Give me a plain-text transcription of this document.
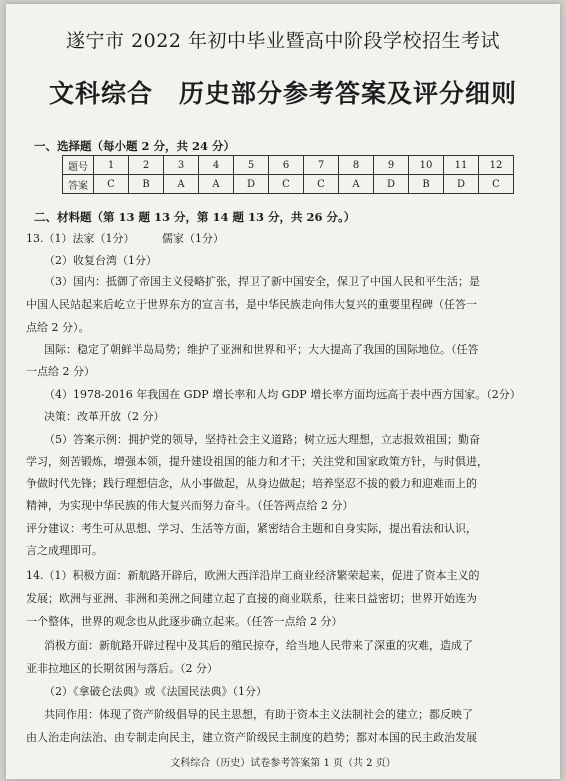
遂宁市 2022 年初中毕业暨高中阶段学校招生考试
文科综合　历史部分参考答案及评分细则
一、选择题（每小题 2 分，共 24 分）
题号	1	2	3	4	5	6	7	8	9	10	11	12
答案	C	B	A	A	D	C	C	A	D	B	D	C
二、材料题（第 13 题 13 分，第 14 题 13 分，共 26 分。）
13.（1）法家（1分）　　　儒家（1分）
（2）收复台湾（1分）
（3）国内：抵御了帝国主义侵略扩张，捍卫了新中国安全，保卫了中国人民和平生活；是
中国人民站起来后屹立于世界东方的宣言书，是中华民族走向伟大复兴的重要里程碑（任答一
点给 2 分）。
国际：稳定了朝鲜半岛局势；维护了亚洲和世界和平；大大提高了我国的国际地位。（任答
一点给 2 分）
（4）1978-2016 年我国在 GDP 增长率和人均 GDP 增长率方面均远高于表中西方国家。（2分）
决策：改革开放（2 分）
（5）答案示例：拥护党的领导，坚持社会主义道路；树立远大理想，立志报效祖国；勤奋
学习，刻苦锻炼，增强本领，提升建设祖国的能力和才干；关注党和国家政策方针，与时俱进，
争做时代先锋；践行理想信念，从小事做起，从身边做起；培养坚忍不拔的毅力和迎难而上的
精神，为实现中华民族的伟大复兴而努力奋斗。（任答两点给 2 分）
评分建议：考生可从思想、学习、生活等方面，紧密结合主题和自身实际，提出看法和认识，
言之成理即可。
14.（1）积极方面：新航路开辟后，欧洲大西洋沿岸工商业经济繁荣起来，促进了资本主义的
发展；欧洲与亚洲、非洲和美洲之间建立起了直接的商业联系，往来日益密切；世界开始连为
一个整体，世界的观念也从此逐步确立起来。（任答一点给 2 分）
消极方面：新航路开辟过程中及其后的殖民掠夺，给当地人民带来了深重的灾难，造成了
亚非拉地区的长期贫困与落后。（2 分）
（2）《拿破仑法典》或《法国民法典》（1分）
共同作用：体现了资产阶级倡导的民主思想，有助于资本主义法制社会的建立；都反映了
由人治走向法治、由专制走向民主，建立资产阶级民主制度的趋势；都对本国的民主政治发展
文科综合（历史）试卷参考答案第 1 页（共 2 页）
